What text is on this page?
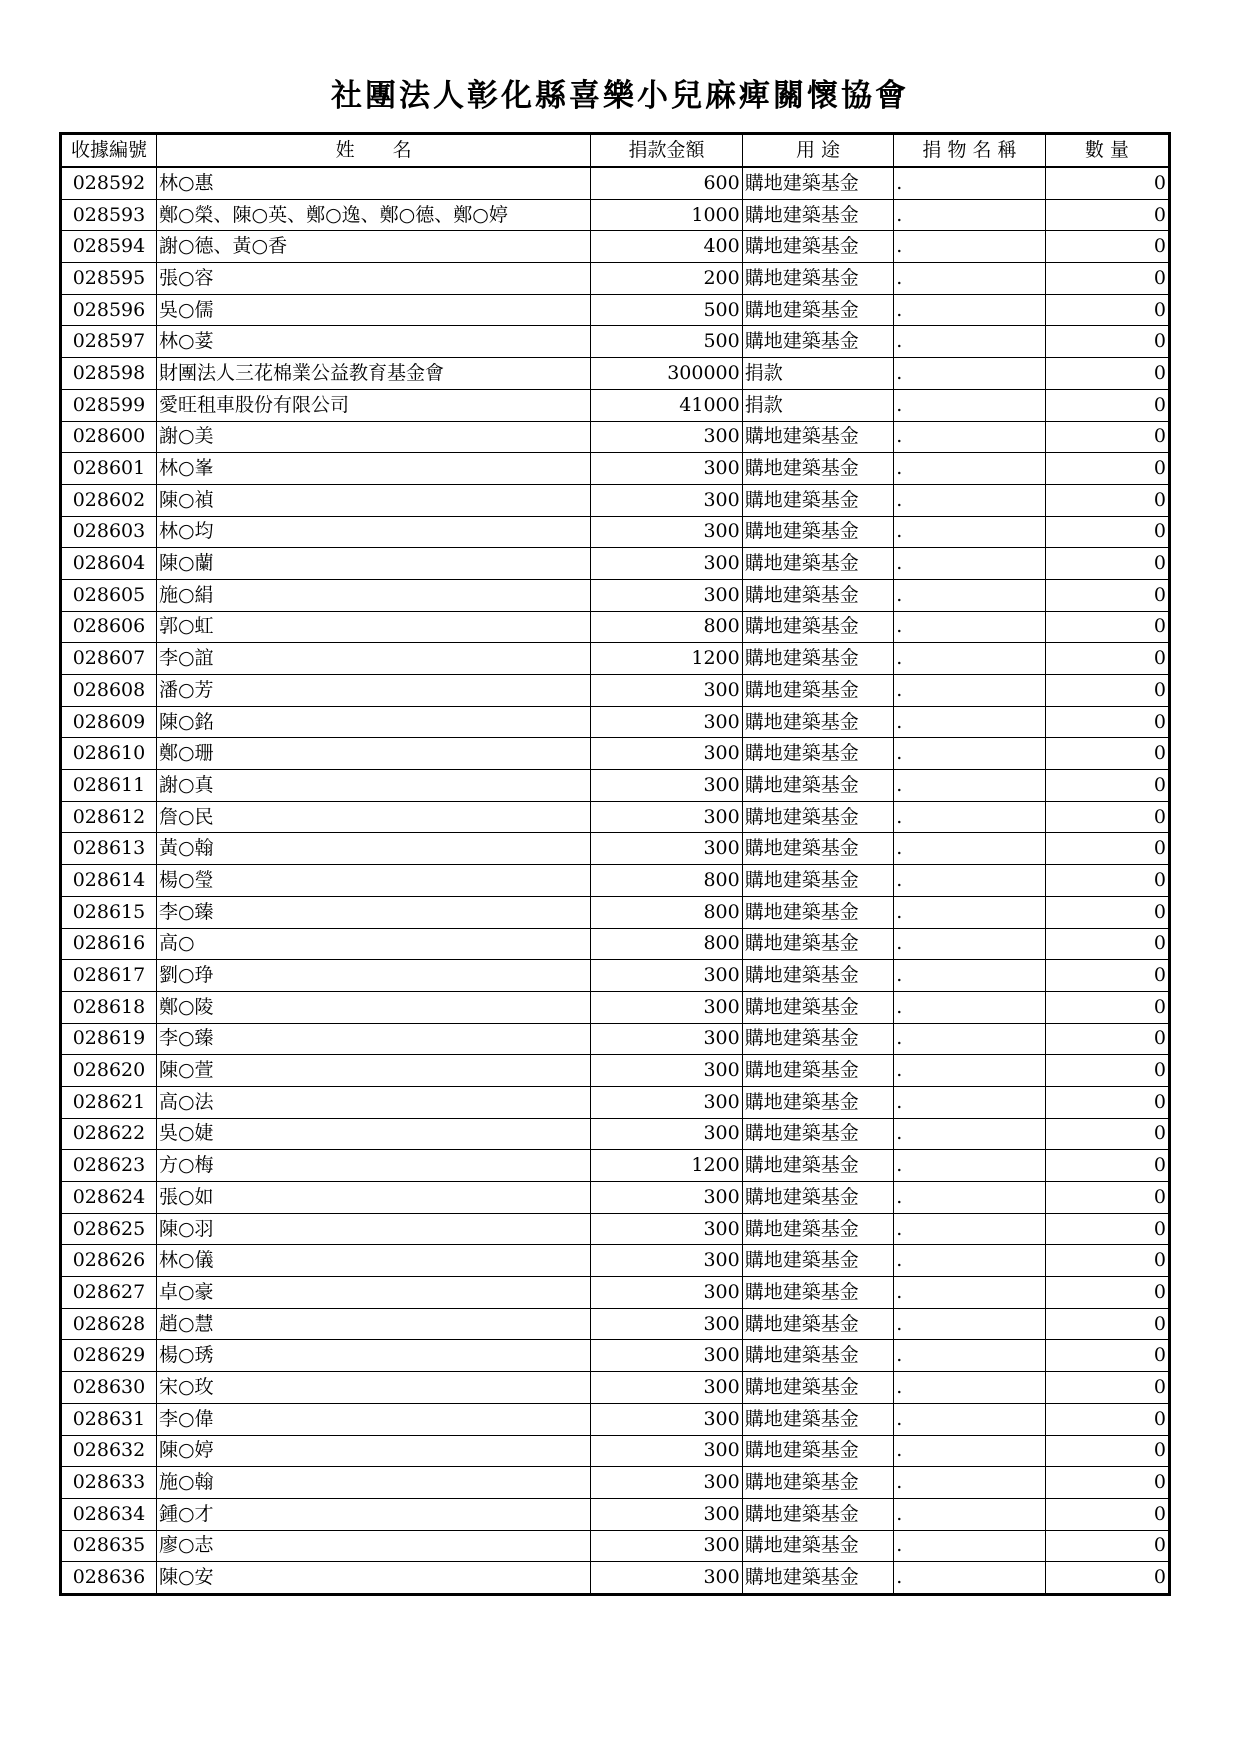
社團法人彰化縣喜樂小兒麻痺關懷協會
收據編號	姓　　名	捐款金額	用 途	捐 物 名 稱	數 量
028592	林○惠	600	購地建築基金	.	0
028593	鄭○榮、陳○英、鄭○逸、鄭○德、鄭○婷	1000	購地建築基金	.	0
028594	謝○德、黃○香	400	購地建築基金	.	0
028595	張○容	200	購地建築基金	.	0
028596	吳○儒	500	購地建築基金	.	0
028597	林○荽	500	購地建築基金	.	0
028598	財團法人三花棉業公益教育基金會	300000	捐款	.	0
028599	愛旺租車股份有限公司	41000	捐款	.	0
028600	謝○美	300	購地建築基金	.	0
028601	林○峯	300	購地建築基金	.	0
028602	陳○禎	300	購地建築基金	.	0
028603	林○均	300	購地建築基金	.	0
028604	陳○蘭	300	購地建築基金	.	0
028605	施○絹	300	購地建築基金	.	0
028606	郭○虹	800	購地建築基金	.	0
028607	李○誼	1200	購地建築基金	.	0
028608	潘○芳	300	購地建築基金	.	0
028609	陳○銘	300	購地建築基金	.	0
028610	鄭○珊	300	購地建築基金	.	0
028611	謝○真	300	購地建築基金	.	0
028612	詹○民	300	購地建築基金	.	0
028613	黃○翰	300	購地建築基金	.	0
028614	楊○瑩	800	購地建築基金	.	0
028615	李○臻	800	購地建築基金	.	0
028616	高○	800	購地建築基金	.	0
028617	劉○琤	300	購地建築基金	.	0
028618	鄭○陵	300	購地建築基金	.	0
028619	李○臻	300	購地建築基金	.	0
028620	陳○萱	300	購地建築基金	.	0
028621	高○法	300	購地建築基金	.	0
028622	吳○婕	300	購地建築基金	.	0
028623	方○梅	1200	購地建築基金	.	0
028624	張○如	300	購地建築基金	.	0
028625	陳○羽	300	購地建築基金	.	0
028626	林○儀	300	購地建築基金	.	0
028627	卓○豪	300	購地建築基金	.	0
028628	趙○慧	300	購地建築基金	.	0
028629	楊○琇	300	購地建築基金	.	0
028630	宋○玫	300	購地建築基金	.	0
028631	李○偉	300	購地建築基金	.	0
028632	陳○婷	300	購地建築基金	.	0
028633	施○翰	300	購地建築基金	.	0
028634	鍾○才	300	購地建築基金	.	0
028635	廖○志	300	購地建築基金	.	0
028636	陳○安	300	購地建築基金	.	0
